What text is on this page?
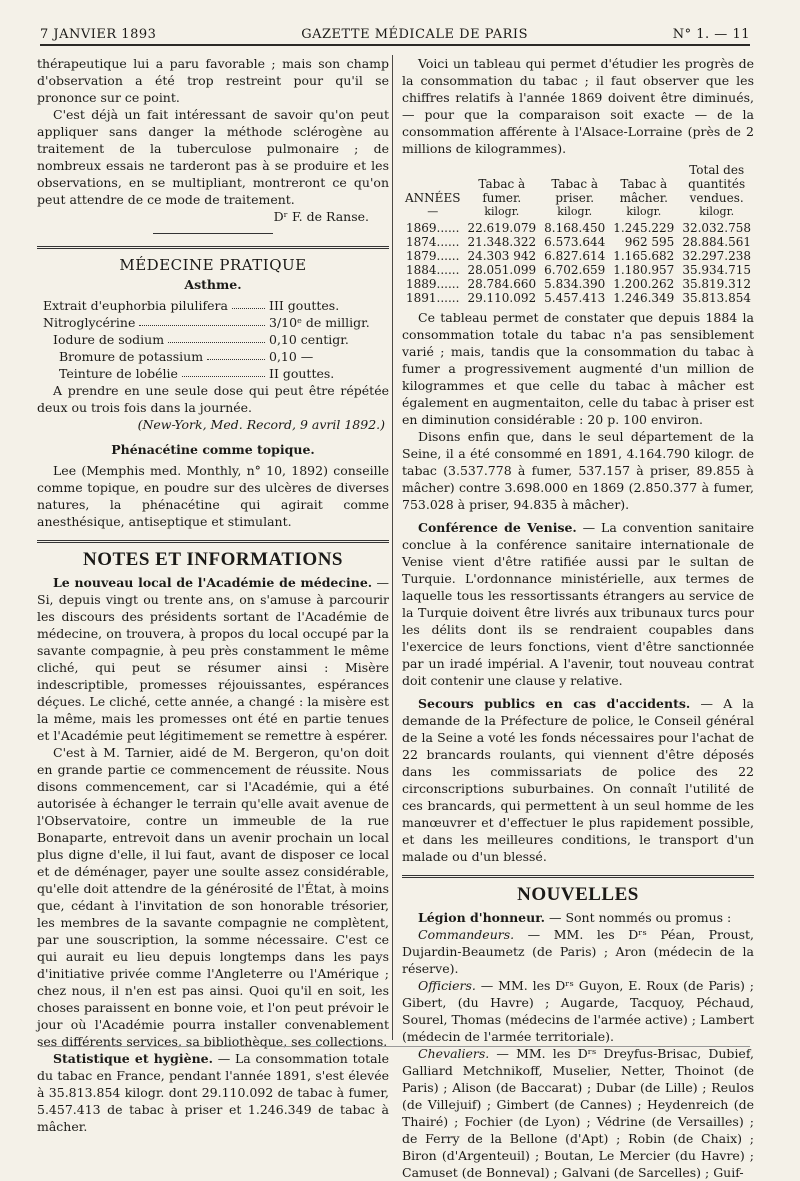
7 JANVIER 1893	GAZETTE MÉDICALE DE PARIS	N° 1. — 11

thérapeutique lui a paru favorable ; mais son champ d'observation a été trop restreint pour qu'il se prononce sur ce point.

C'est déjà un fait intéressant de savoir qu'on peut appliquer sans danger la méthode sclérogène au traitement de la tuberculose pulmonaire ; de nombreux essais ne tarderont pas à se produire et les observations, en se multipliant, montreront ce qu'on peut attendre de ce mode de traitement.

Dʳ F. de Ranse.

MÉDECINE PRATIQUE
Asthme.
Extrait d'euphorbia pilulifera	III gouttes.
Nitroglycérine	3/10ᵉ de milligr.
Iodure de sodium	0,10 centigr.
Bromure de potassium	0,10 —
Teinture de lobélie	II gouttes.

A prendre en une seule dose qui peut être répétée deux ou trois fois dans la journée.

(New-York, Med. Record, 9 avril 1892.)

Phénacétine comme topique.

Lee (Memphis med. Monthly, n° 10, 1892) conseille comme topique, en poudre sur des ulcères de diverses natures, la phénacétine qui agirait comme anesthésique, antiseptique et stimulant.

NOTES ET INFORMATIONS

Le nouveau local de l'Académie de médecine. — Si, depuis vingt ou trente ans, on s'amuse à parcourir les discours des présidents sortant de l'Académie de médecine, on trouvera, à propos du local occupé par la savante compagnie, à peu près constamment le même cliché, qui peut se résumer ainsi : Misère indescriptible, promesses réjouissantes, espérances déçues. Le cliché, cette année, a changé : la misère est la même, mais les promesses ont été en partie tenues et l'Académie peut légitimement se remettre à espérer.

C'est à M. Tarnier, aidé de M. Bergeron, qu'on doit en grande partie ce commencement de réussite. Nous disons commencement, car si l'Académie, qui a été autorisée à échanger le terrain qu'elle avait avenue de l'Observatoire, contre un immeuble de la rue Bonaparte, entrevoit dans un avenir prochain un local plus digne d'elle, il lui faut, avant de disposer ce local et de déménager, payer une soulte assez considérable, qu'elle doit attendre de la générosité de l'État, à moins que, cédant à l'invitation de son honorable trésorier, les membres de la savante compagnie ne complètent, par une souscription, la somme nécessaire. C'est ce qui aurait eu lieu depuis longtemps dans les pays d'initiative privée comme l'Angleterre ou l'Amérique ; chez nous, il n'en est pas ainsi. Quoi qu'il en soit, les choses paraissent en bonne voie, et l'on peut prévoir le jour où l'Académie pourra installer convenablement ses différents services, sa bibliothèque, ses collections.

Statistique et hygiène. — La consommation totale du tabac en France, pendant l'année 1891, s'est élevée à 35.813.854 kilogr. dont 29.110.092 de tabac à fumer, 5.457.413 de tabac à priser et 1.246.349 de tabac à mâcher.

Voici un tableau qui permet d'étudier les progrès de la consommation du tabac ; il faut observer que les chiffres relatifs à l'année 1869 doivent être diminués, — pour que la comparaison soit exacte — de la consommation afférente à l'Alsace-Lorraine (près de 2 millions de kilogrammes).

ANNÉES	Tabac à fumer.	Tabac à priser.	Tabac à mâcher.	Total des quantités vendues.
—	kilogr.	kilogr.	kilogr.	kilogr.
1869......	22.619.079	8.168.450	1.245.229	32.032.758
1874......	21.348.322	6.573.644	962 595	28.884.561
1879......	24.303 942	6.827.614	1.165.682	32.297.238
1884......	28.051.099	6.702.659	1.180.957	35.934.715
1889......	28.784.660	5.834.390	1.200.262	35.819.312
1891......	29.110.092	5.457.413	1.246.349	35.813.854

Ce tableau permet de constater que depuis 1884 la consommation totale du tabac n'a pas sensiblement varié ; mais, tandis que la consommation du tabac à fumer a progressivement augmenté d'un million de kilogrammes et que celle du tabac à mâcher est également en augmentaiton, celle du tabac à priser est en diminution considérable : 20 p. 100 environ.

Disons enfin que, dans le seul département de la Seine, il a été consommé en 1891, 4.164.790 kilogr. de tabac (3.537.778 à fumer, 537.157 à priser, 89.855 à mâcher) contre 3.698.000 en 1869 (2.850.377 à fumer, 753.028 à priser, 94.835 à mâcher).

Conférence de Venise. — La convention sanitaire conclue à la conférence sanitaire internationale de Venise vient d'être ratifiée aussi par le sultan de Turquie. L'ordonnance ministérielle, aux termes de laquelle tous les ressortissants étrangers au service de la Turquie doivent être livrés aux tribunaux turcs pour les délits dont ils se rendraient coupables dans l'exercice de leurs fonctions, vient d'être sanctionnée par un iradé impérial. A l'avenir, tout nouveau contrat doit contenir une clause y relative.

Secours publics en cas d'accidents. — A la demande de la Préfecture de police, le Conseil général de la Seine a voté les fonds nécessaires pour l'achat de 22 brancards roulants, qui viennent d'être déposés dans les commissariats de police des 22 circonscriptions suburbaines. On connaît l'utilité de ces brancards, qui permettent à un seul homme de les manœuvrer et d'effectuer le plus rapidement possible, et dans les meilleures conditions, le transport d'un malade ou d'un blessé.

NOUVELLES

Légion d'honneur. — Sont nommés ou promus :

Commandeurs. — MM. les Dʳˢ Péan, Proust, Dujardin-Beaumetz (de Paris) ; Aron (médecin de la réserve).

Officiers. — MM. les Dʳˢ Guyon, E. Roux (de Paris) ; Gibert, (du Havre) ; Augarde, Tacquoy, Péchaud, Sourel, Thomas (médecins de l'armée active) ; Lambert (médecin de l'armée territoriale).

Chevaliers. — MM. les Dʳˢ Dreyfus-Brisac, Dubief, Galliard Metchnikoff, Muselier, Netter, Thoinot (de Paris) ; Alison (de Baccarat) ; Dubar (de Lille) ; Reulos (de Villejuif) ; Gimbert (de Cannes) ; Heydenreich (de Thairé) ; Fochier (de Lyon) ; Védrine (de Versailles) ; de Ferry de la Bellone (d'Apt) ; Robin (de Chaix) ; Biron (d'Argenteuil) ; Boutan, Le Mercier (du Havre) ; Camuset (de Bonneval) ; Galvani (de Sarcelles) ; Guif-
